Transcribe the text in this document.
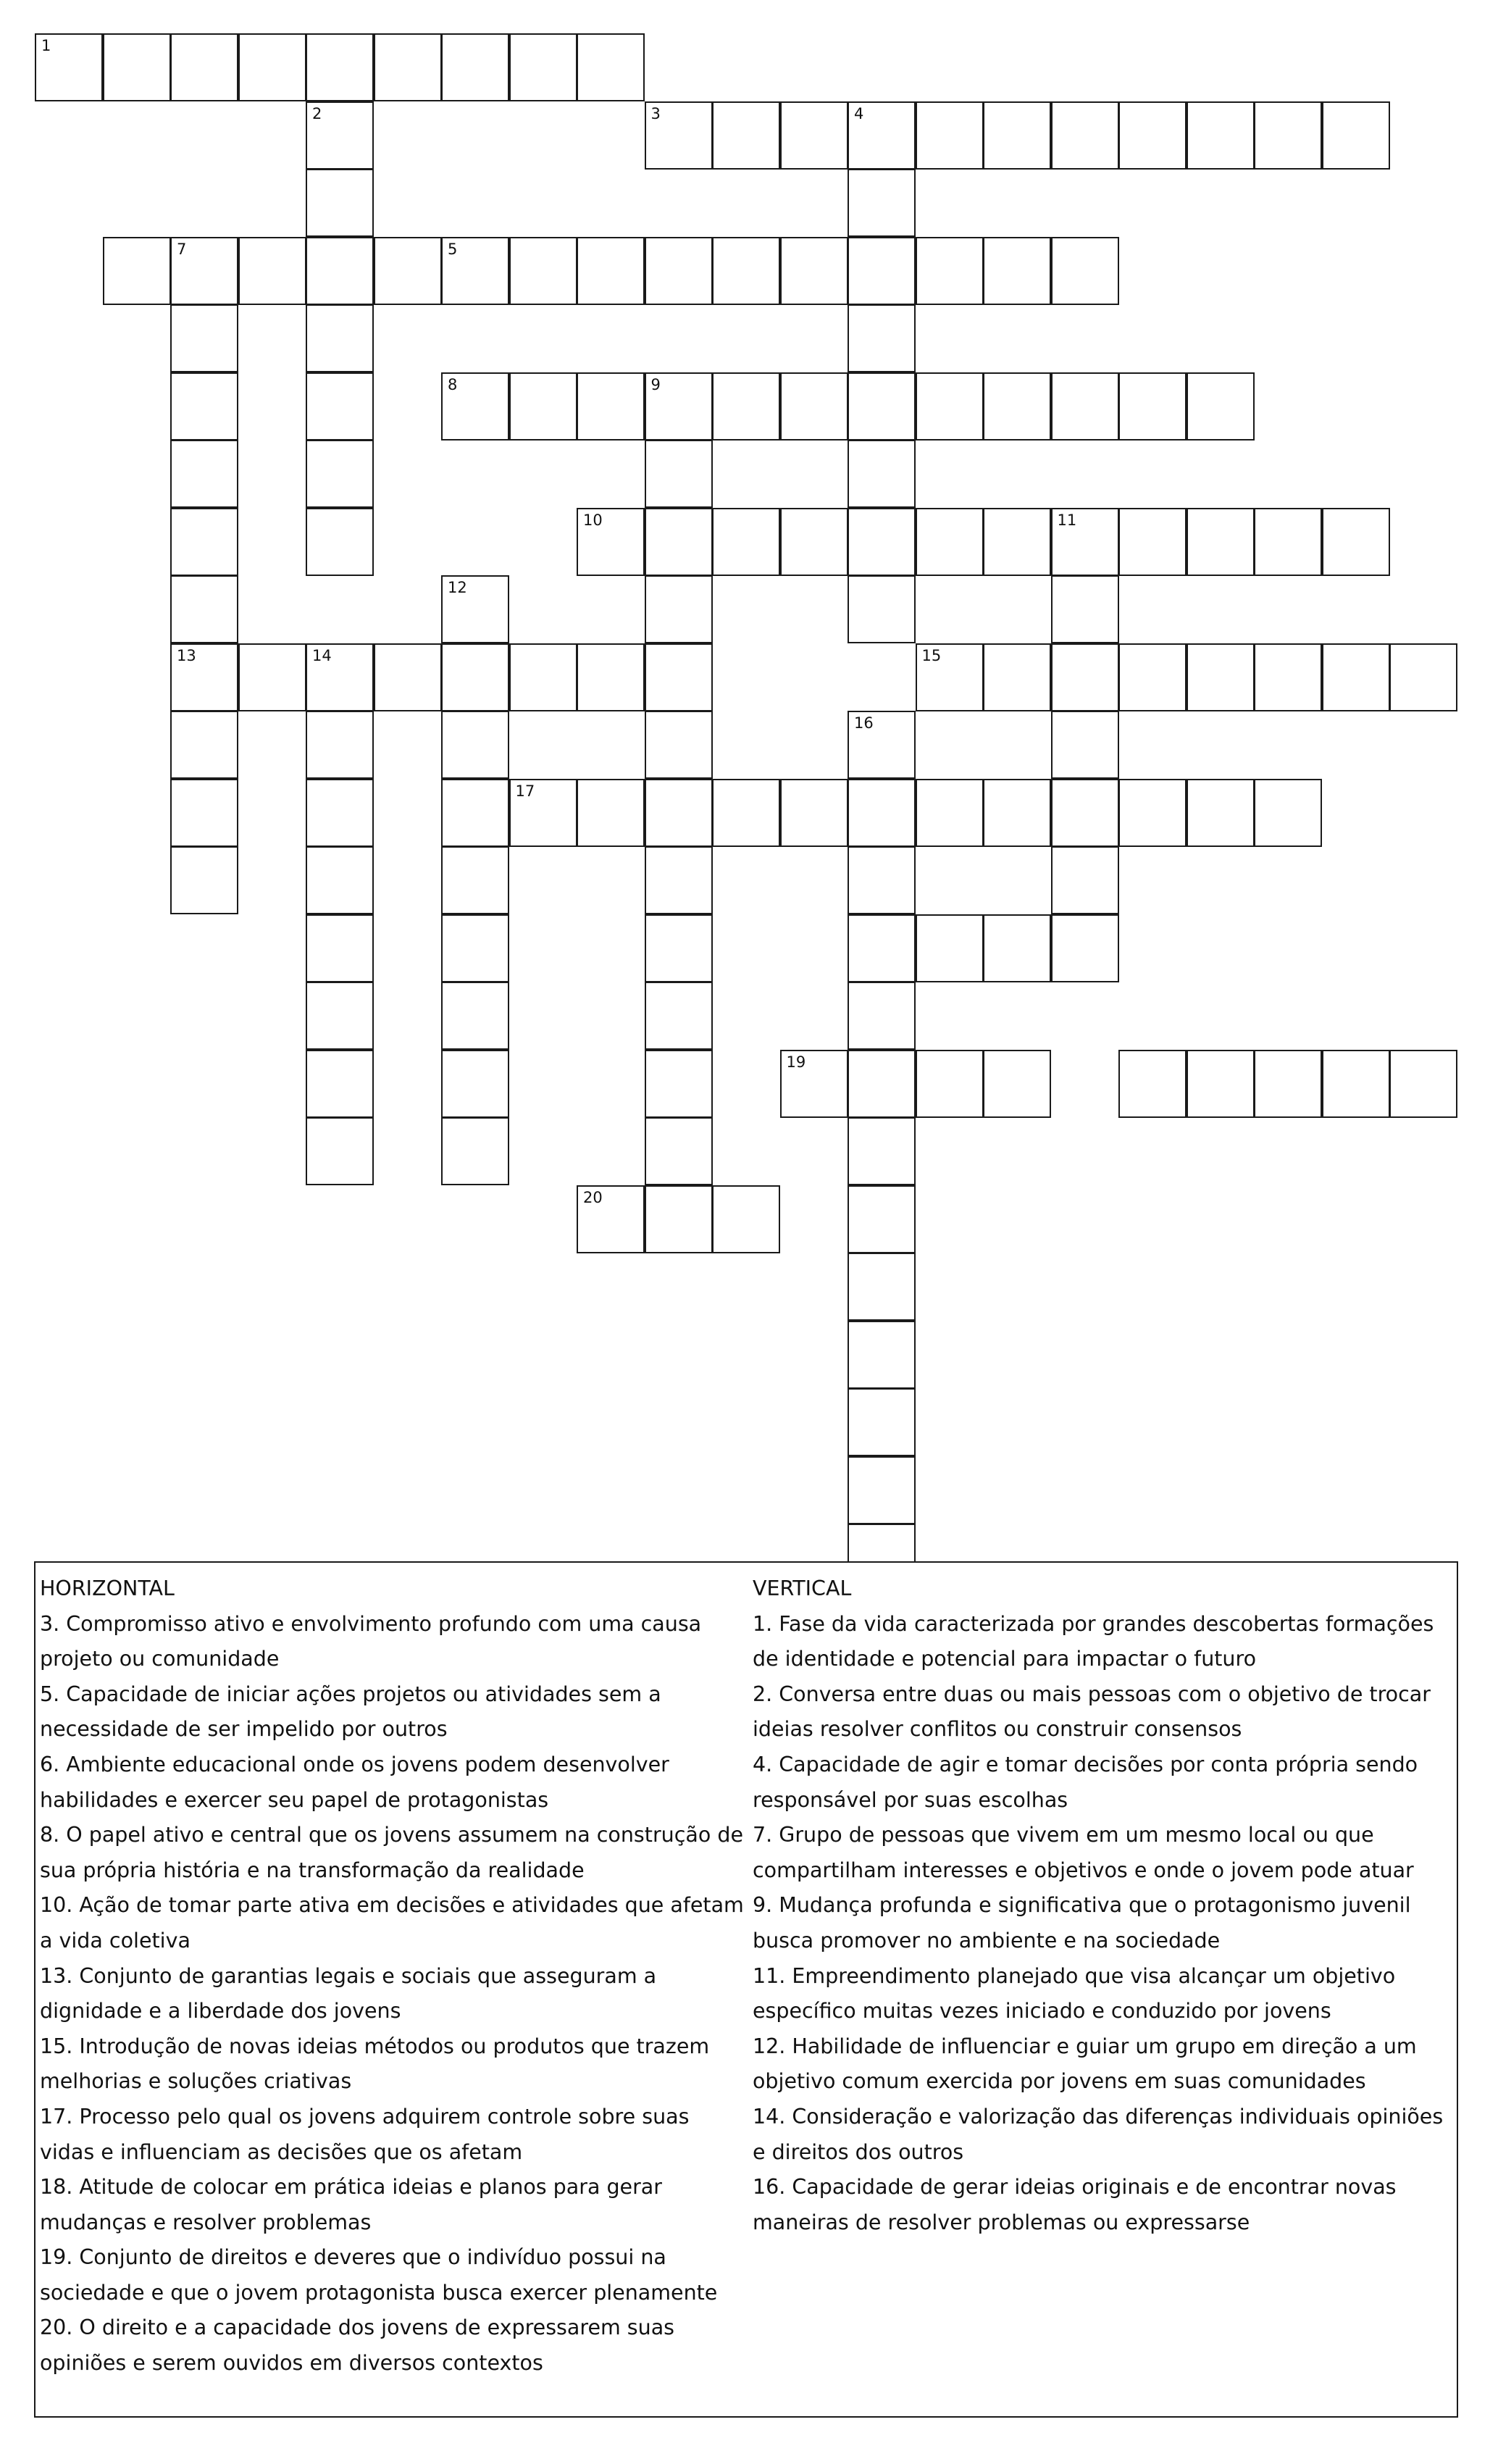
1
2	3	4
5
7
8	9
10	11
12
13	14	15
16
17
19
20
HORIZONTAL
3. Compromisso ativo e envolvimento profundo com uma causa projeto ou comunidade
5. Capacidade de iniciar ações projetos ou atividades sem a necessidade de ser impelido por outros
6. Ambiente educacional onde os jovens podem desenvolver habilidades e exercer seu papel de protagonistas
8. O papel ativo e central que os jovens assumem na construção de sua própria história e na transformação da realidade
10. Ação de tomar parte ativa em decisões e atividades que afetam a vida coletiva
13. Conjunto de garantias legais e sociais que asseguram a dignidade e a liberdade dos jovens
15. Introdução de novas ideias métodos ou produtos que trazem melhorias e soluções criativas
17. Processo pelo qual os jovens adquirem controle sobre suas vidas e influenciam as decisões que os afetam
18. Atitude de colocar em prática ideias e planos para gerar mudanças e resolver problemas
19. Conjunto de direitos e deveres que o indivíduo possui na sociedade e que o jovem protagonista busca exercer plenamente
20. O direito e a capacidade dos jovens de expressarem suas opiniões e serem ouvidos em diversos contextos
VERTICAL
1. Fase da vida caracterizada por grandes descobertas formações de identidade e potencial para impactar o futuro
2. Conversa entre duas ou mais pessoas com o objetivo de trocar ideias resolver conflitos ou construir consensos
4. Capacidade de agir e tomar decisões por conta própria sendo responsável por suas escolhas
7. Grupo de pessoas que vivem em um mesmo local ou que compartilham interesses e objetivos e onde o jovem pode atuar
9. Mudança profunda e significativa que o protagonismo juvenil busca promover no ambiente e na sociedade
11. Empreendimento planejado que visa alcançar um objetivo específico muitas vezes iniciado e conduzido por jovens
12. Habilidade de influenciar e guiar um grupo em direção a um objetivo comum exercida por jovens em suas comunidades
14. Consideração e valorização das diferenças individuais opiniões e direitos dos outros
16. Capacidade de gerar ideias originais e de encontrar novas maneiras de resolver problemas ou expressarse
